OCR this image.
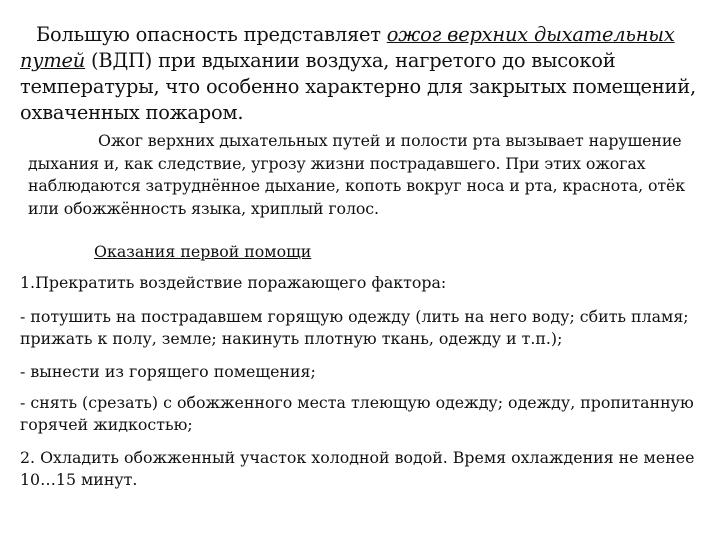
Большую опасность представляет ожог верхних дыхательных путей (ВДП) при вдыхании воздуха, нагретого до высокой температуры, что особенно характерно для закрытых помещений, охваченных пожаром.

Ожог верхних дыхательных путей и полости рта вызывает нарушение дыхания и, как следствие, угрозу жизни пострадавшего. При этих ожогах наблюдаются затруднённое дыхание, копоть вокруг носа и рта, краснота, отёк или обожжённость языка, хриплый голос.

Оказания первой помощи
1.Прекратить воздействие поражающего фактора:
- потушить на пострадавшем горящую одежду (лить на него воду; сбить пламя; прижать к полу, земле; накинуть плотную ткань, одежду и т.п.);
- вынести из горящего помещения;
- снять (срезать) с обожженного места тлеющую одежду; одежду, пропитанную горячей жидкостью;
2. Охладить обожженный участок холодной водой. Время охлаждения не менее 10…15 минут.
